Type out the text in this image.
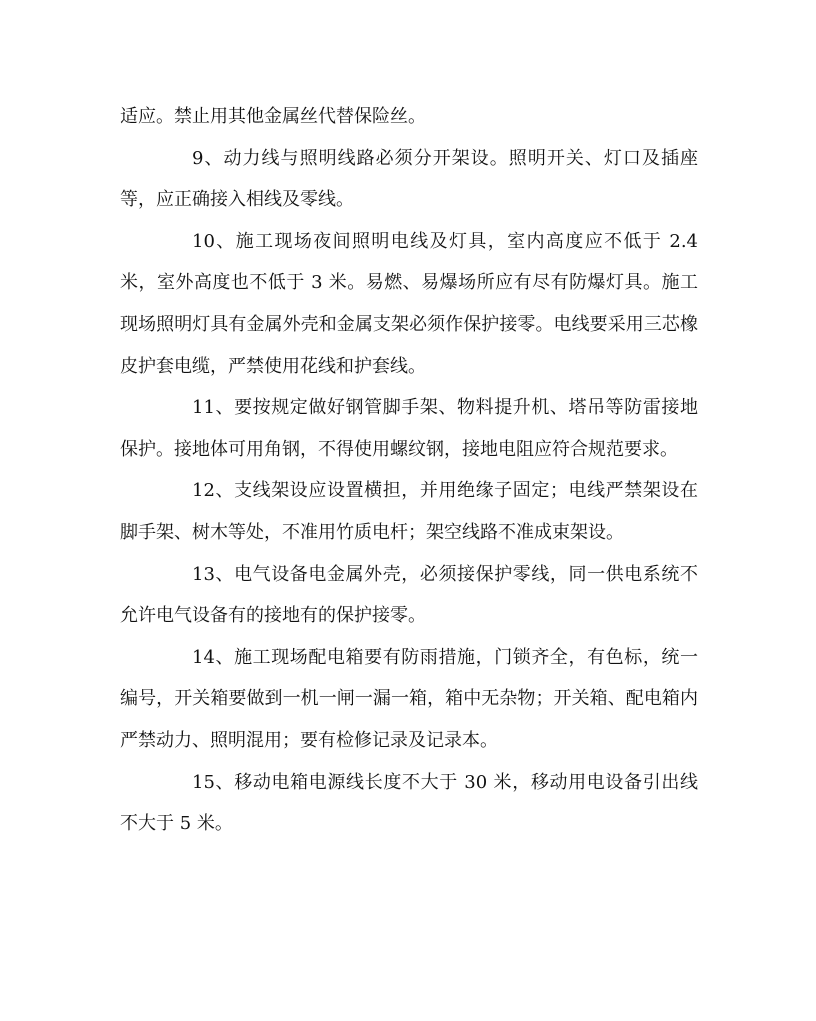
适应。禁止用其他金属丝代替保险丝。

9、动力线与照明线路必须分开架设。照明开关、灯口及插座等，应正确接入相线及零线。

10、施工现场夜间照明电线及灯具，室内高度应不低于 2.4 米，室外高度也不低于 3 米。易燃、易爆场所应有尽有防爆灯具。施工现场照明灯具有金属外壳和金属支架必须作保护接零。电线要采用三芯橡皮护套电缆，严禁使用花线和护套线。

11、要按规定做好钢管脚手架、物料提升机、塔吊等防雷接地保护。接地体可用角钢，不得使用螺纹钢，接地电阻应符合规范要求。

12、支线架设应设置横担，并用绝缘子固定；电线严禁架设在脚手架、树木等处，不准用竹质电杆；架空线路不准成束架设。

13、电气设备电金属外壳，必须接保护零线，同一供电系统不允许电气设备有的接地有的保护接零。

14、施工现场配电箱要有防雨措施，门锁齐全，有色标，统一编号，开关箱要做到一机一闸一漏一箱，箱中无杂物；开关箱、配电箱内严禁动力、照明混用；要有检修记录及记录本。

15、移动电箱电源线长度不大于 30 米，移动用电设备引出线不大于 5 米。
